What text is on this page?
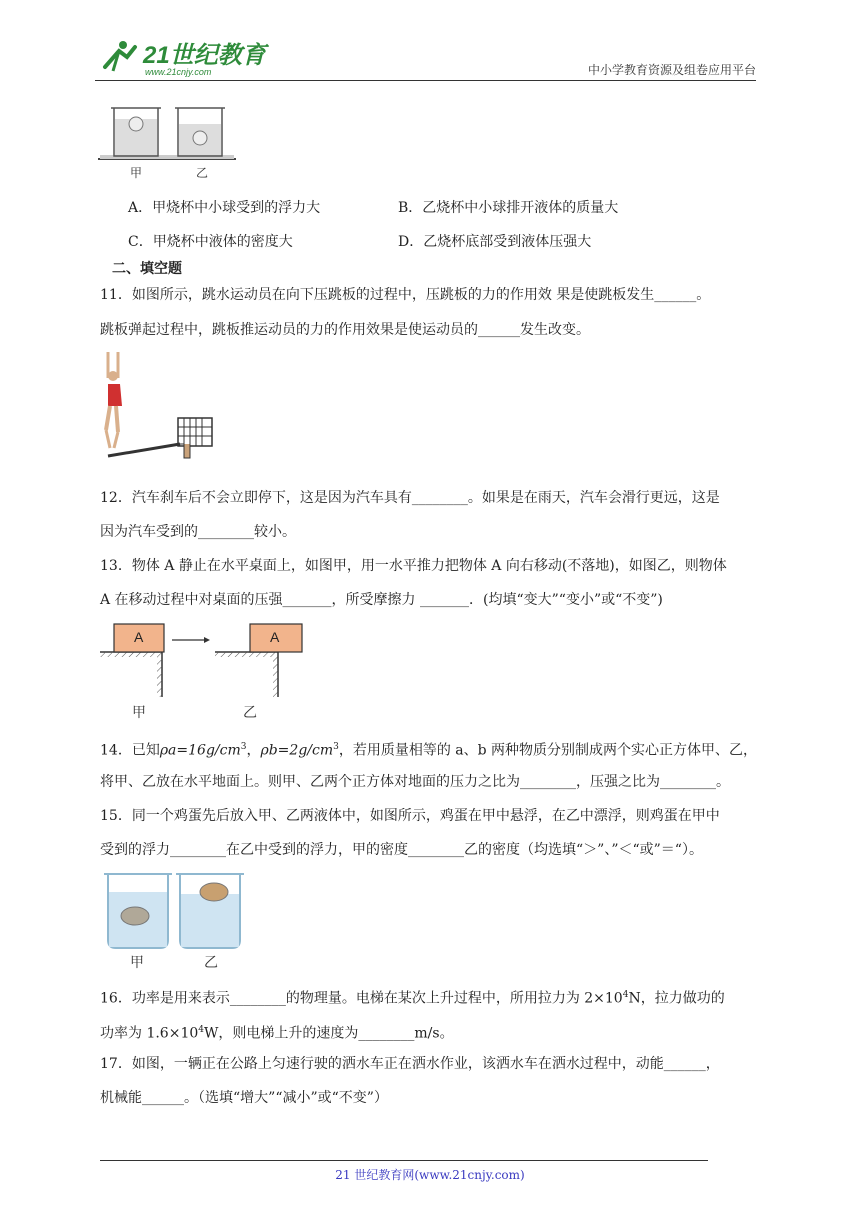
21世纪教育
www.21cnjy.com	中小学教育资源及组卷应用平台
甲	乙
A．甲烧杯中小球受到的浮力大	B．乙烧杯中小球排开液体的质量大
C．甲烧杯中液体的密度大	D．乙烧杯底部受到液体压强大
二、填空题
11．如图所示，跳水运动员在向下压跳板的过程中，压跳板的力的作用效 果是使跳板发生______。
跳板弹起过程中，跳板推运动员的力的作用效果是使运动员的______发生改变。
12．汽车刹车后不会立即停下，这是因为汽车具有________。如果是在雨天，汽车会滑行更远，这是
因为汽车受到的________较小。
13．物体 A 静止在水平桌面上，如图甲，用一水平推力把物体 A 向右移动(不落地)，如图乙，则物体
A 在移动过程中对桌面的压强_______，所受摩擦力 _______．(均填“变大”“变小”或“不变”)
A	A
甲	乙
14．已知$\rho a=16g/cm^3$，$\rho b=2g/cm^3$，若用质量相等的 a、b 两种物质分别制成两个实心正方体甲、乙，
将甲、乙放在水平地面上。则甲、乙两个正方体对地面的压力之比为________，压强之比为________。
15．同一个鸡蛋先后放入甲、乙两液体中，如图所示，鸡蛋在甲中悬浮，在乙中漂浮，则鸡蛋在甲中
受到的浮力________在乙中受到的浮力，甲的密度________乙的密度（均选填“＞”、”＜“或”＝“）。
甲	乙
16．功率是用来表示________的物理量。电梯在某次上升过程中，所用拉力为 $2\times 10^4N$，拉力做功的
功率为 $1.6\times 10^4W$，则电梯上升的速度为________m/s。
17．如图，一辆正在公路上匀速行驶的洒水车正在洒水作业，该洒水车在洒水过程中，动能______，
机械能______。（选填“增大”“减小”或“不变”）
21 世纪教育网(www.21cnjy.com)
